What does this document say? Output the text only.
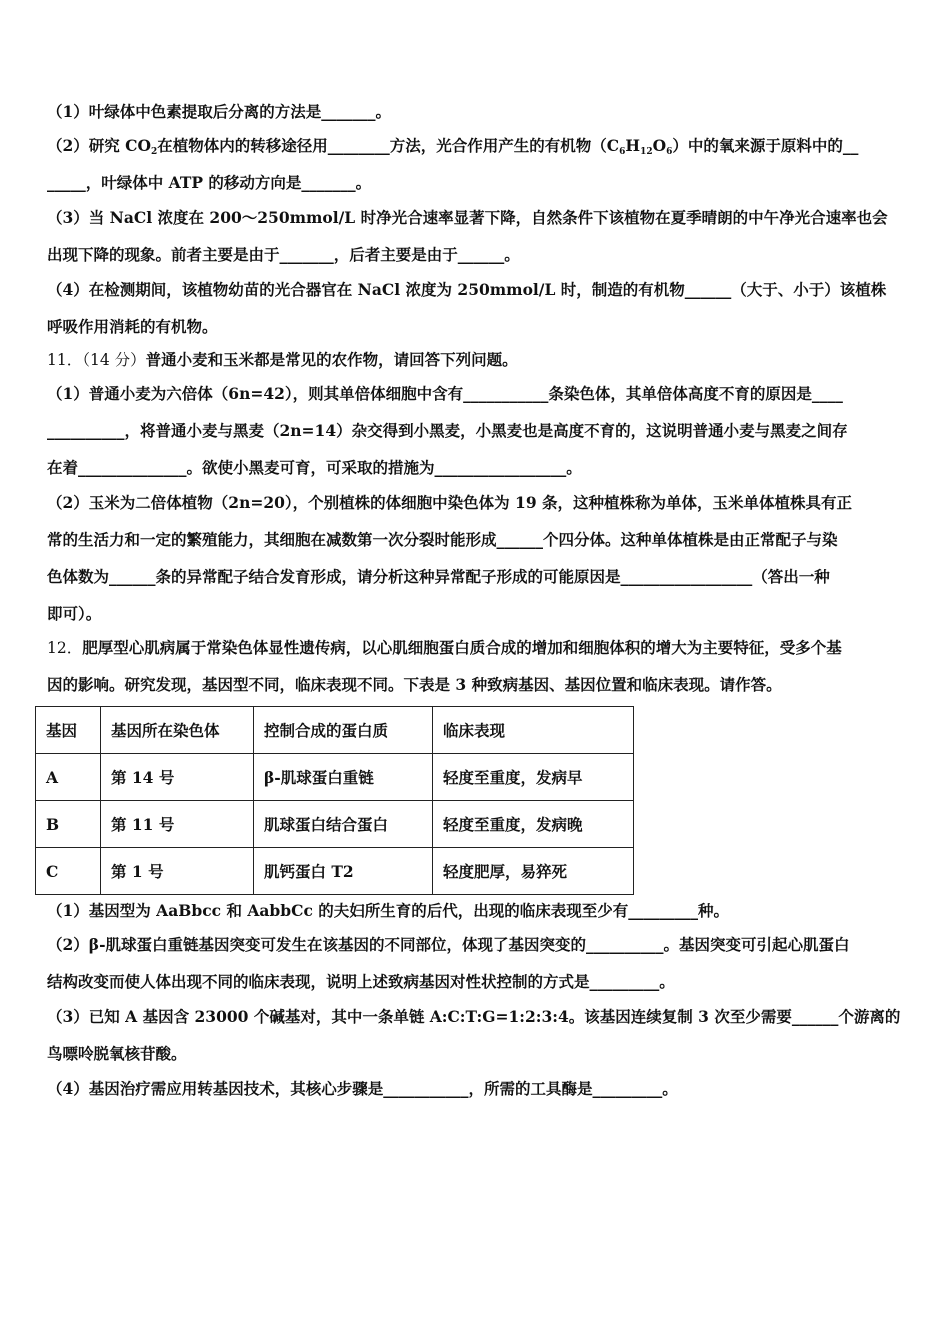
（1）叶绿体中色素提取后分离的方法是_______。
（2）研究 $CO_2$在植物体内的转移途径用________方法，光合作用产生的有机物$(C_6H_{12}O_6)$中的氧来源于原料中的__
_____，叶绿体中 ATP 的移动方向是_______。
（3）当 NaCl 浓度在 200～250mmol/L 时净光合速率显著下降，自然条件下该植物在夏季晴朗的中午净光合速率也会
出现下降的现象。前者主要是由于_______，后者主要是由于______。
（4）在检测期间，该植物幼苗的光合器官在 NaCl 浓度为 250mmol/L 时，制造的有机物______（大于、小于）该植株
呼吸作用消耗的有机物。
11．（14 分）普通小麦和玉米都是常见的农作物，请回答下列问题。
（1）普通小麦为六倍体（6n=42），则其单倍体细胞中含有___________条染色体，其单倍体高度不育的原因是____
__________，将普通小麦与黑麦（2n=14）杂交得到小黑麦，小黑麦也是高度不育的，这说明普通小麦与黑麦之间存
在着______________。欲使小黑麦可育，可采取的措施为_________________。
（2）玉米为二倍体植物（2n=20），个别植株的体细胞中染色体为 19 条，这种植株称为单体，玉米单体植株具有正
常的生活力和一定的繁殖能力，其细胞在减数第一次分裂时能形成______个四分体。这种单体植株是由正常配子与染
色体数为______条的异常配子结合发育形成，请分析这种异常配子形成的可能原因是_________________（答出一种
即可）。
12．肥厚型心肌病属于常染色体显性遗传病，以心肌细胞蛋白质合成的增加和细胞体积的增大为主要特征，受多个基
因的影响。研究发现，基因型不同，临床表现不同。下表是 3 种致病基因、基因位置和临床表现。请作答。
基因	基因所在染色体	控制合成的蛋白质	临床表现
A	第 14 号	β-肌球蛋白重链	轻度至重度，发病早
B	第 11 号	肌球蛋白结合蛋白	轻度至重度，发病晚
C	第 1 号	肌钙蛋白 T2	轻度肥厚，易猝死
（1）基因型为 AaBbcc 和 AabbCc 的夫妇所生育的后代，出现的临床表现至少有_________种。
（2）β-肌球蛋白重链基因突变可发生在该基因的不同部位，体现了基因突变的__________。基因突变可引起心肌蛋白
结构改变而使人体出现不同的临床表现，说明上述致病基因对性状控制的方式是_________。
（3）已知 A 基因含 23000 个碱基对，其中一条单链 A:C:T:G=1:2:3:4。该基因连续复制 3 次至少需要______个游离的
鸟嘌呤脱氧核苷酸。
（4）基因治疗需应用转基因技术，其核心步骤是___________，所需的工具酶是_________。
